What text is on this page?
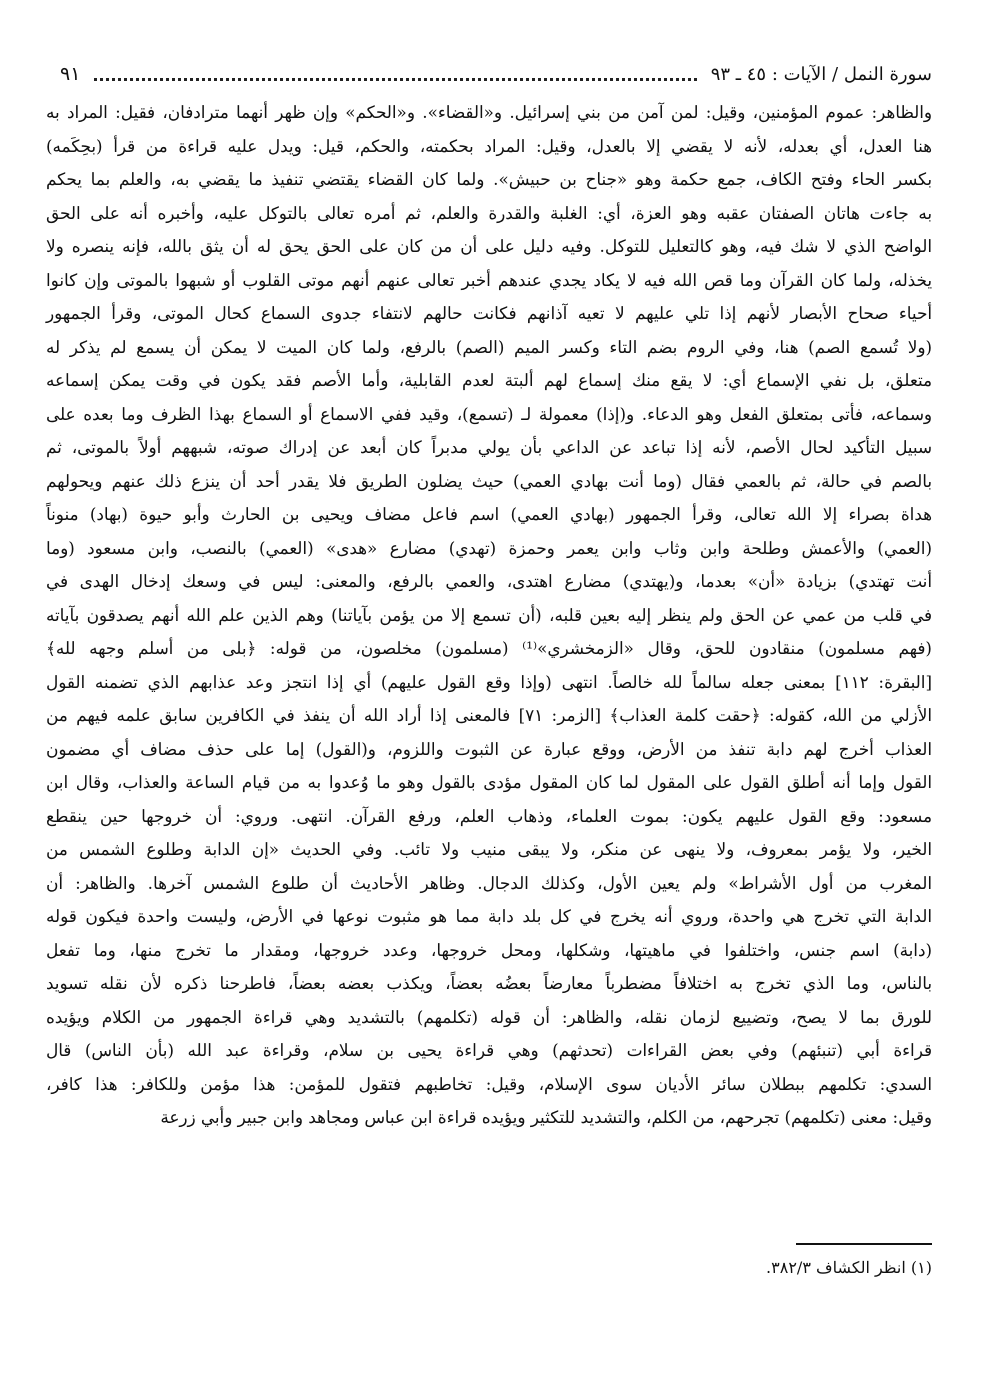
سورة النمل / الآيات : ٤٥ ـ ٩٣
٩١

والظاهر: عموم المؤمنين، وقيل: لمن آمن من بني إسرائيل. و«القضاء». و«الحكم» وإن ظهر أنهما مترادفان، فقيل: المراد به

هنا العدل، أي بعدله، لأنه لا يقضي إلا بالعدل، وقيل: المراد بحكمته، والحكم، قيل: ويدل عليه قراءة من قرأ (بحِكَمه)

بكسر الحاء وفتح الكاف، جمع حكمة وهو «جناح بن حبيش». ولما كان القضاء يقتضي تنفيذ ما يقضي به، والعلم بما يحكم

به جاءت هاتان الصفتان عقبه وهو العزة، أي: الغلبة والقدرة والعلم، ثم أمره تعالى بالتوكل عليه، وأخبره أنه على الحق

الواضح الذي لا شك فيه، وهو كالتعليل للتوكل. وفيه دليل على أن من كان على الحق يحق له أن يثق بالله، فإنه ينصره ولا

يخذله، ولما كان القرآن وما قص الله فيه لا يكاد يجدي عندهم أخبر تعالى عنهم أنهم موتى القلوب أو شبهوا بالموتى وإن كانوا

أحياء صحاح الأبصار لأنهم إذا تلي عليهم لا تعيه آذانهم فكانت حالهم لانتفاء جدوى السماع كحال الموتى، وقرأ الجمهور

(ولا تُسمع الصم) هنا، وفي الروم بضم التاء وكسر الميم (الصم) بالرفع، ولما كان الميت لا يمكن أن يسمع لم يذكر له

متعلق، بل نفي الإسماع أي: لا يقع منك إسماع لهم ألبتة لعدم القابلية، وأما الأصم فقد يكون في وقت يمكن إسماعه

وسماعه، فأتى بمتعلق الفعل وهو الدعاء. و(إذا) معمولة لـ (تسمع)، وقيد ففي الاسماع أو السماع بهذا الظرف وما بعده على

سبيل التأكيد لحال الأصم، لأنه إذا تباعد عن الداعي بأن يولي مدبراً كان أبعد عن إدراك صوته، شبههم أولاً بالموتى، ثم

بالصم في حالة، ثم بالعمي فقال (وما أنت بهادي العمي) حيث يضلون الطريق فلا يقدر أحد أن ينزع ذلك عنهم ويحولهم

هداة بصراء إلا الله تعالى، وقرأ الجمهور (بهادي العمي) اسم فاعل مضاف ويحيى بن الحارث وأبو حيوة (بهاد) منوناً

(العمي) والأعمش وطلحة وابن وثاب وابن يعمر وحمزة (تهدي) مضارع «هدى» (العمي) بالنصب، وابن مسعود (وما

أنت تهتدي) بزيادة «أن» بعدما، و(يهتدي) مضارع اهتدى، والعمي بالرفع، والمعنى: ليس في وسعك إدخال الهدى في

في قلب من عمي عن الحق ولم ينظر إليه بعين قلبه، (أن تسمع إلا من يؤمن بآياتنا) وهم الذين علم الله أنهم يصدقون بآياته

(فهم مسلمون) منقادون للحق، وقال «الزمخشري»⁽¹⁾ (مسلمون) مخلصون، من قوله: ﴿بلى من أسلم وجهه لله﴾

[البقرة: ١١٢] بمعنى جعله سالماً لله خالصاً. انتهى (وإذا وقع القول عليهم) أي إذا انتجز وعد عذابهم الذي تضمنه القول

الأزلي من الله، كقوله: ﴿حقت كلمة العذاب﴾ [الزمر: ٧١] فالمعنى إذا أراد الله أن ينفذ في الكافرين سابق علمه فيهم من

العذاب أخرج لهم دابة تنفذ من الأرض، ووقع عبارة عن الثبوت واللزوم، و(القول) إما على حذف مضاف أي مضمون

القول وإما أنه أطلق القول على المقول لما كان المقول مؤدى بالقول وهو ما وُعدوا به من قيام الساعة والعذاب، وقال ابن

مسعود: وقع القول عليهم يكون: بموت العلماء، وذهاب العلم، ورفع القرآن. انتهى. وروي: أن خروجها حين ينقطع

الخير، ولا يؤمر بمعروف، ولا ينهى عن منكر، ولا يبقى منيب ولا تائب. وفي الحديث «إن الدابة وطلوع الشمس من

المغرب من أول الأشراط» ولم يعين الأول، وكذلك الدجال. وظاهر الأحاديث أن طلوع الشمس آخرها. والظاهر: أن

الدابة التي تخرج هي واحدة، وروي أنه يخرج في كل بلد دابة مما هو مثبوت نوعها في الأرض، وليست واحدة فيكون قوله

(دابة) اسم جنس، واختلفوا في ماهيتها، وشكلها، ومحل خروجها، وعدد خروجها، ومقدار ما تخرج منها، وما تفعل

بالناس، وما الذي تخرج به اختلافاً مضطرباً معارضاً بعضُه بعضاً، ويكذب بعضه بعضاً، فاطرحنا ذكره لأن نقله تسويد

للورق بما لا يصح، وتضييع لزمان نقله، والظاهر: أن قوله (تكلمهم) بالتشديد وهي قراءة الجمهور من الكلام ويؤيده

قراءة أبي (تنبئهم) وفي بعض القراءات (تحدثهم) وهي قراءة يحيى بن سلام، وقراءة عبد الله (بأن الناس) قال

السدي: تكلمهم ببطلان سائر الأديان سوى الإسلام، وقيل: تخاطبهم فتقول للمؤمن: هذا مؤمن وللكافر: هذا كافر،

وقيل: معنى (تكلمهم) تجرحهم، من الكلم، والتشديد للتكثير ويؤيده قراءة ابن عباس ومجاهد وابن جبير وأبي زرعة

(١) انظر الكشاف ٣٨٢/٣.
